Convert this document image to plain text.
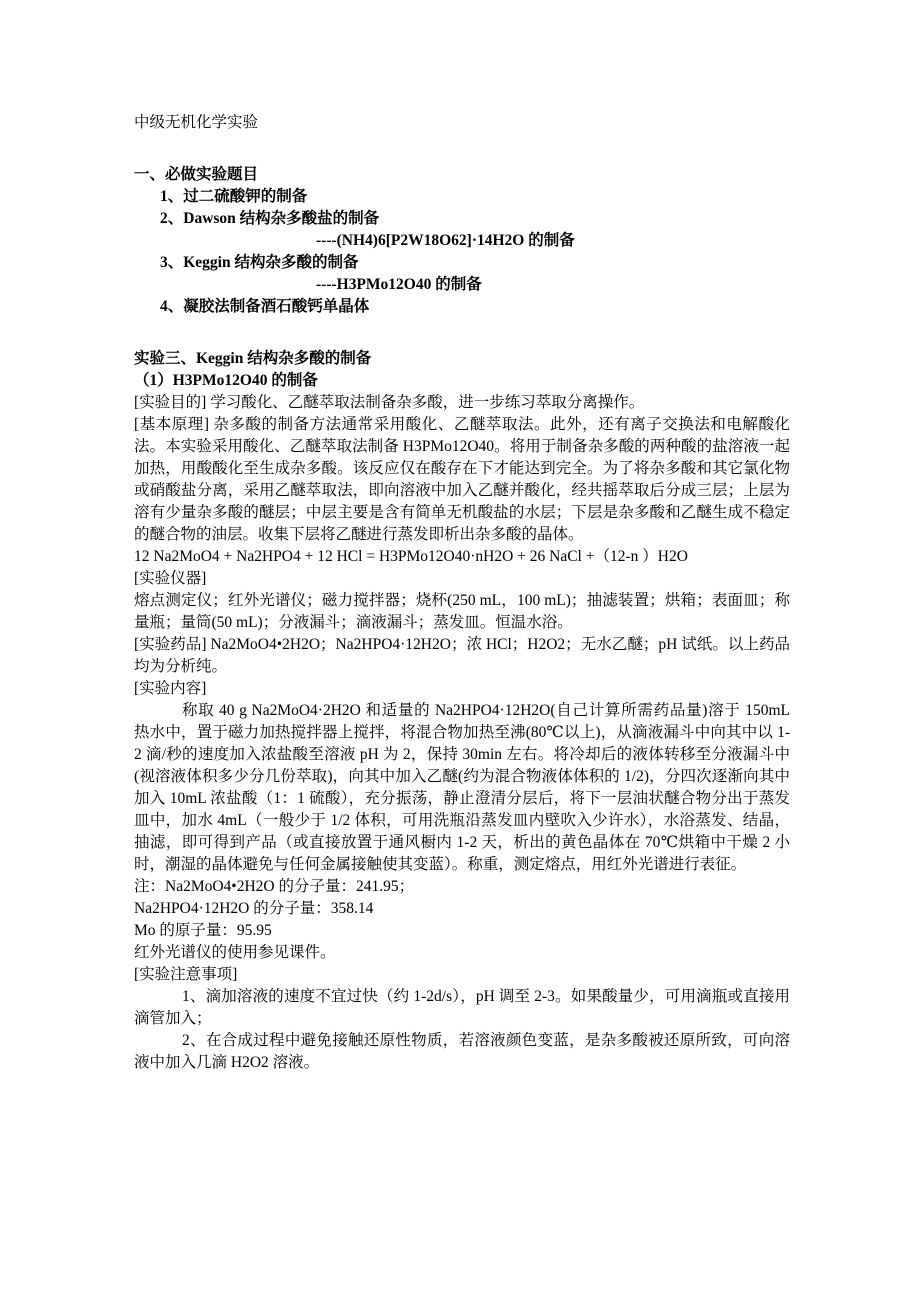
中级无机化学实验
一、必做实验题目
1、过二硫酸钾的制备
2、Dawson 结构杂多酸盐的制备
----(NH4)6[P2W18O62]·14H2O 的制备
3、Keggin 结构杂多酸的制备
----H3PMo12O40 的制备
4、凝胶法制备酒石酸钙单晶体
实验三、Keggin 结构杂多酸的制备
（1）H3PMo12O40 的制备

[实验目的] 学习酸化、乙醚萃取法制备杂多酸，进一步练习萃取分离操作。

[基本原理] 杂多酸的制备方法通常采用酸化、乙醚萃取法。此外，还有离子交换法和电解酸化法。本实验采用酸化、乙醚萃取法制备 H3PMo12O40。将用于制备杂多酸的两种酸的盐溶液一起加热，用酸酸化至生成杂多酸。该反应仅在酸存在下才能达到完全。为了将杂多酸和其它氯化物或硝酸盐分离，采用乙醚萃取法，即向溶液中加入乙醚并酸化，经共摇萃取后分成三层；上层为溶有少量杂多酸的醚层；中层主要是含有简单无机酸盐的水层；下层是杂多酸和乙醚生成不稳定的醚合物的油层。收集下层将乙醚进行蒸发即析出杂多酸的晶体。

12 Na2MoO4 + Na2HPO4 + 12 HCl = H3PMo12O40·nH2O + 26 NaCl +（12-n ）H2O

[实验仪器]

熔点测定仪；红外光谱仪；磁力搅拌器；烧杯(250 mL，100 mL)；抽滤装置；烘箱；表面皿；称量瓶；量筒(50 mL)；分液漏斗；滴液漏斗；蒸发皿。恒温水浴。

[实验药品] Na2MoO4•2H2O；Na2HPO4·12H2O；浓 HCl；H2O2；无水乙醚；pH 试纸。以上药品均为分析纯。

[实验内容]

称取 40 g Na2MoO4·2H2O 和适量的 Na2HPO4·12H2O(自己计算所需药品量)溶于 150mL 热水中，置于磁力加热搅拌器上搅拌，将混合物加热至沸(80℃以上)，从滴液漏斗中向其中以 1-2 滴/秒的速度加入浓盐酸至溶液 pH 为 2，保持 30min 左右。将冷却后的液体转移至分液漏斗中(视溶液体积多少分几份萃取)，向其中加入乙醚(约为混合物液体体积的 1/2)，分四次逐渐向其中加入 10mL 浓盐酸（1：1 硫酸），充分振荡，静止澄清分层后，将下一层油状醚合物分出于蒸发皿中，加水 4mL（一般少于 1/2 体积，可用洗瓶沿蒸发皿内壁吹入少许水），水浴蒸发、结晶，抽滤，即可得到产品（或直接放置于通风橱内 1-2 天，析出的黄色晶体在 70℃烘箱中干燥 2 小时，潮湿的晶体避免与任何金属接触使其变蓝）。称重，测定熔点，用红外光谱进行表征。

注：Na2MoO4•2H2O 的分子量：241.95；

Na2HPO4·12H2O 的分子量：358.14

Mo 的原子量：95.95

红外光谱仪的使用参见课件。

[实验注意事项]

1、滴加溶液的速度不宜过快（约 1-2d/s），pH 调至 2-3。如果酸量少，可用滴瓶或直接用滴管加入；

2、在合成过程中避免接触还原性物质，若溶液颜色变蓝，是杂多酸被还原所致，可向溶液中加入几滴 H2O2 溶液。
